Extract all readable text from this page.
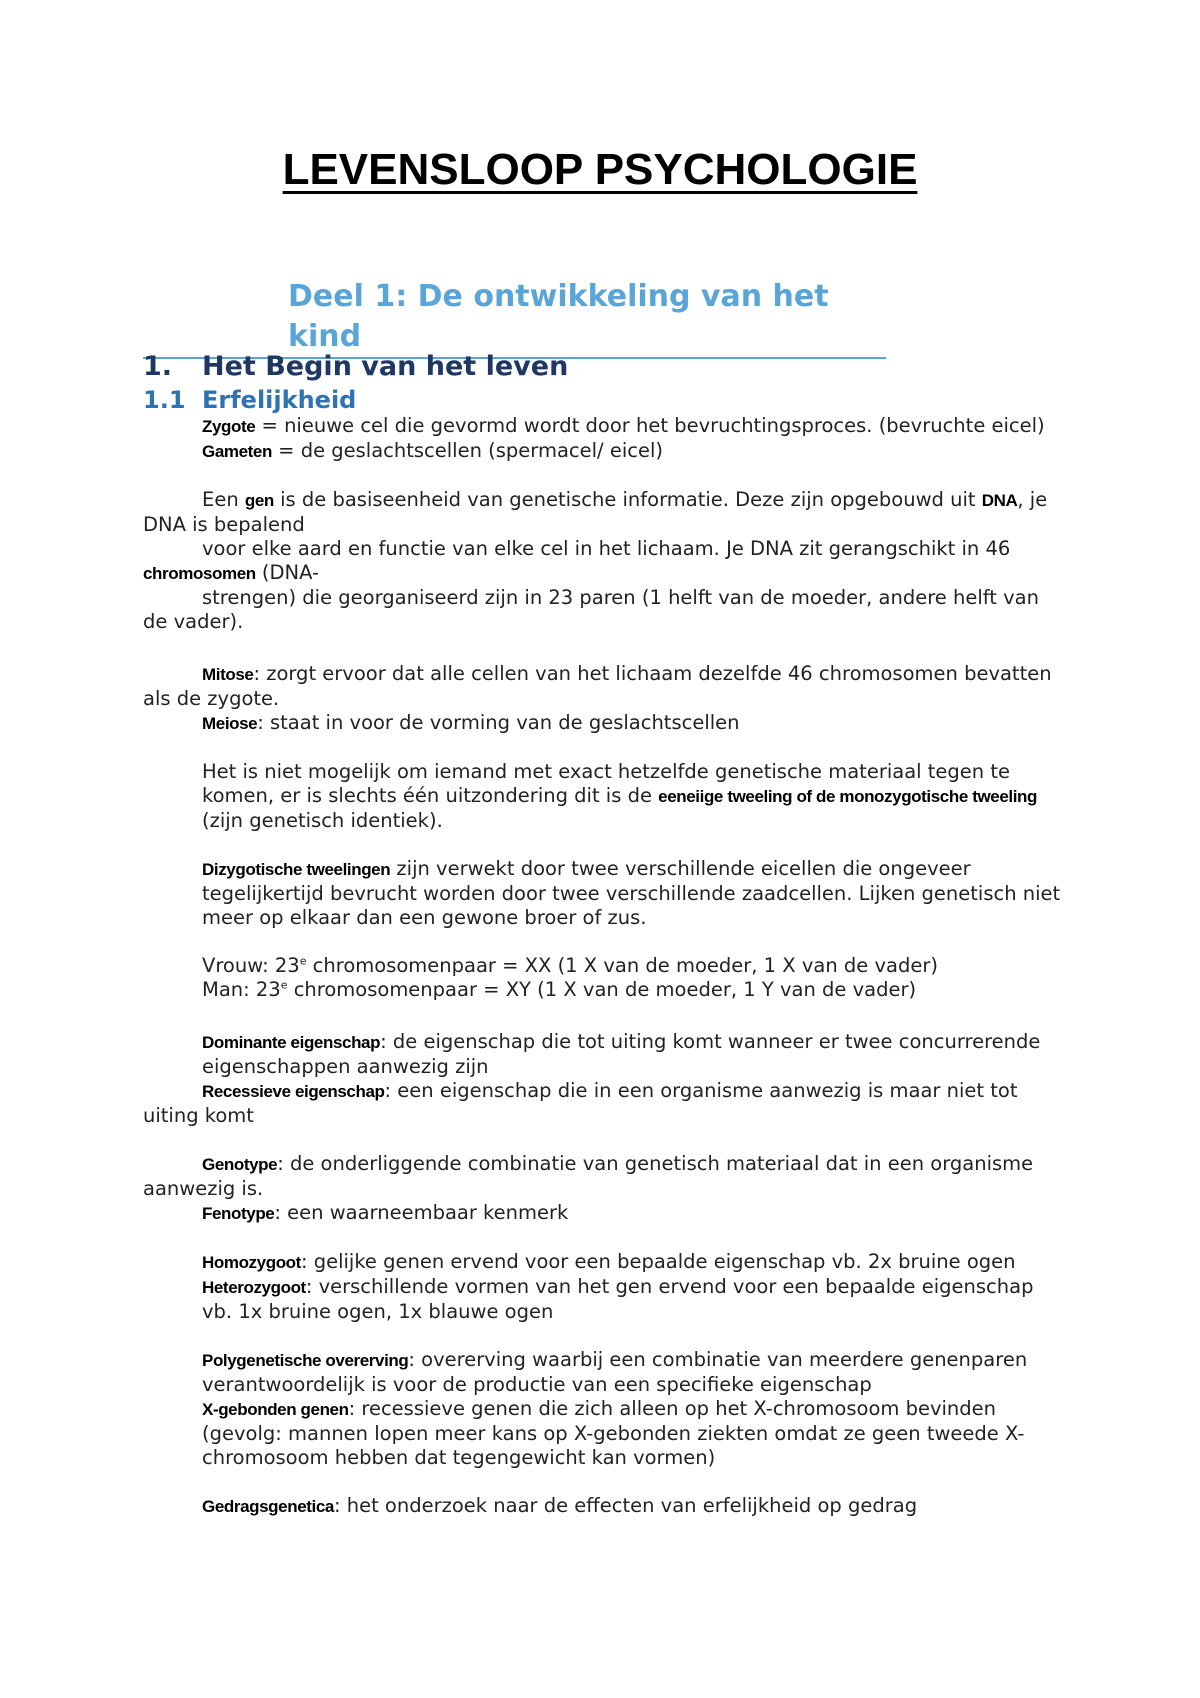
LEVENSLOOP PSYCHOLOGIE
Deel 1: De ontwikkeling van het kind
1. Het Begin van het leven
1.1 Erfelijkheid

Zygote = nieuwe cel die gevormd wordt door het bevruchtingsproces. (bevruchte eicel)

Gameten = de geslachtscellen (spermacel/ eicel)

Een gen is de basiseenheid van genetische informatie. Deze zijn opgebouwd uit DNA, je DNA is bepalend

voor elke aard en functie van elke cel in het lichaam. Je DNA zit gerangschikt in 46 chromosomen (DNA-

strengen) die georganiseerd zijn in 23 paren (1 helft van de moeder, andere helft van de vader).

Mitose: zorgt ervoor dat alle cellen van het lichaam dezelfde 46 chromosomen bevatten als de zygote.

Meiose: staat in voor de vorming van de geslachtscellen

Het is niet mogelijk om iemand met exact hetzelfde genetische materiaal tegen te komen, er is slechts één uitzondering dit is de eeneiige tweeling of de monozygotische tweeling (zijn genetisch identiek).

Dizygotische tweelingen zijn verwekt door twee verschillende eicellen die ongeveer tegelijkertijd bevrucht worden door twee verschillende zaadcellen. Lijken genetisch niet meer op elkaar dan een gewone broer of zus.

Vrouw: 23e chromosomenpaar = XX (1 X van de moeder, 1 X van de vader)

Man: 23e chromosomenpaar = XY (1 X van de moeder, 1 Y van de vader)

Dominante eigenschap: de eigenschap die tot uiting komt wanneer er twee concurrerende eigenschappen aanwezig zijn

Recessieve eigenschap: een eigenschap die in een organisme aanwezig is maar niet tot uiting komt

Genotype: de onderliggende combinatie van genetisch materiaal dat in een organisme aanwezig is.

Fenotype: een waarneembaar kenmerk

Homozygoot: gelijke genen ervend voor een bepaalde eigenschap vb. 2x bruine ogen

Heterozygoot: verschillende vormen van het gen ervend voor een bepaalde eigenschap vb. 1x bruine ogen, 1x blauwe ogen

Polygenetische overerving: overerving waarbij een combinatie van meerdere genenparen verantwoordelijk is voor de productie van een specifieke eigenschap

X-gebonden genen: recessieve genen die zich alleen op het X-chromosoom bevinden (gevolg: mannen lopen meer kans op X-gebonden ziekten omdat ze geen tweede X-chromosoom hebben dat tegengewicht kan vormen)

Gedragsgenetica: het onderzoek naar de effecten van erfelijkheid op gedrag
